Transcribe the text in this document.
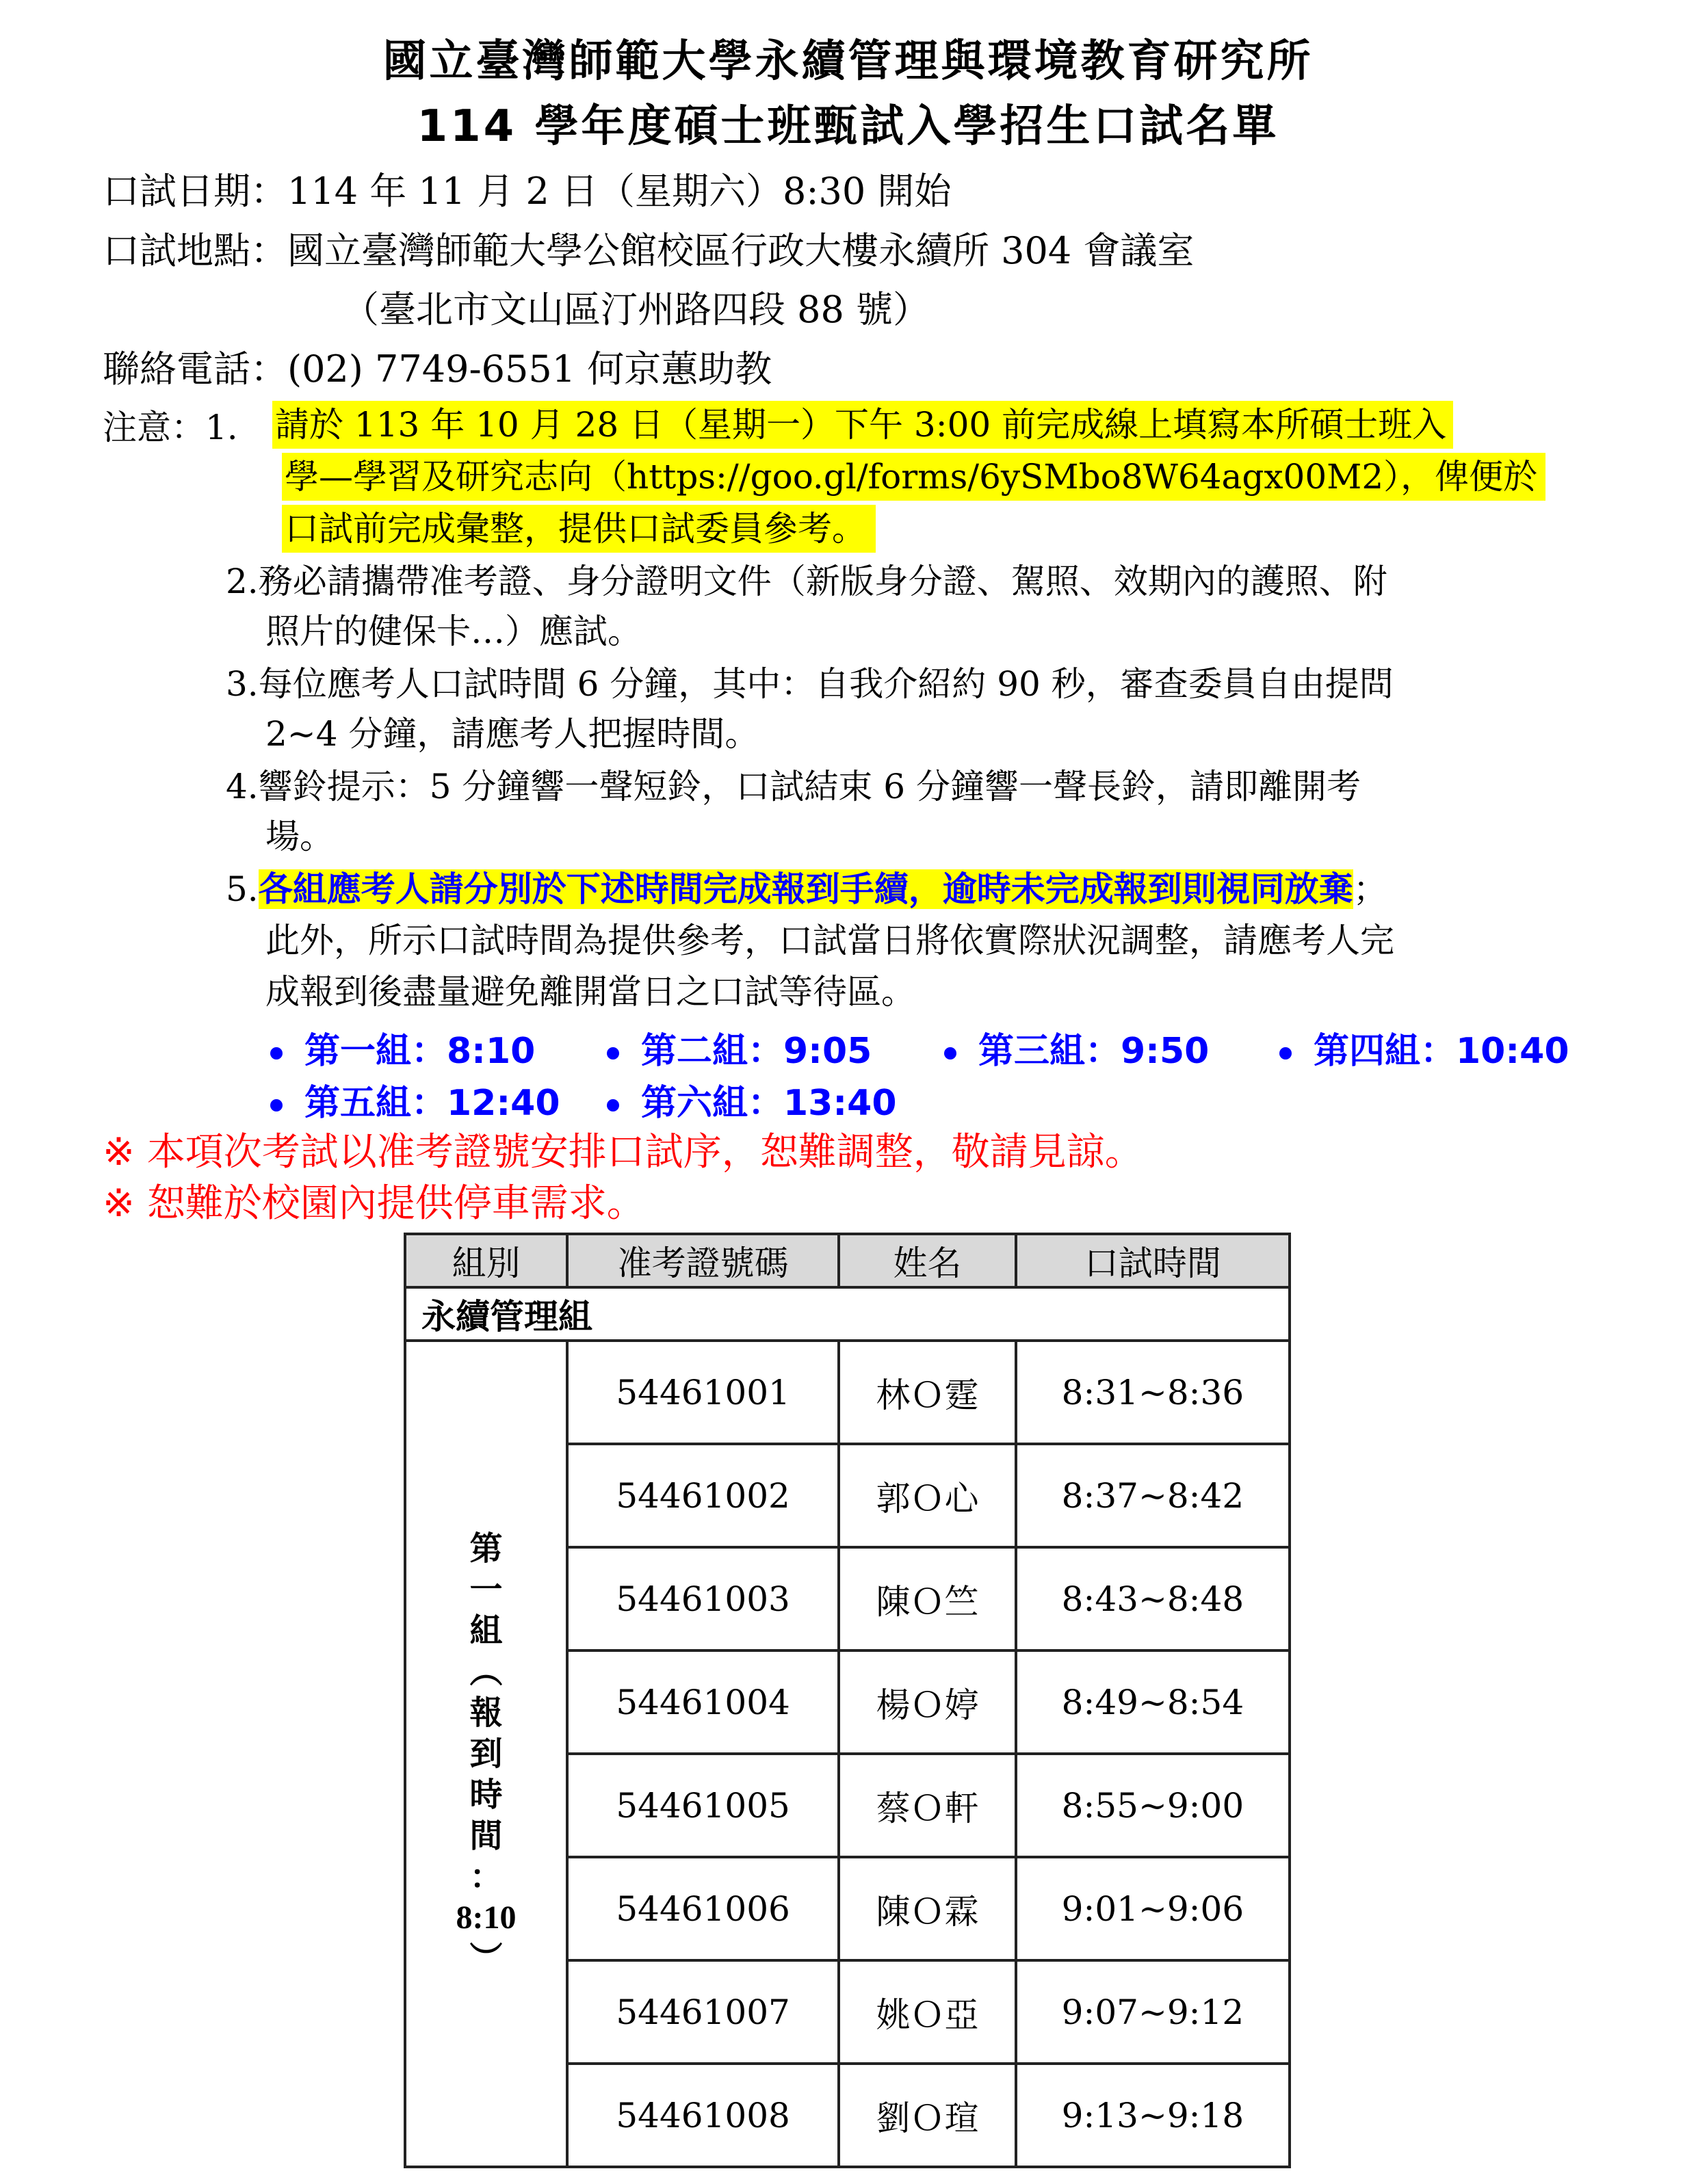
國立臺灣師範大學永續管理與環境教育研究所
114 學年度碩士班甄試入學招生口試名單
口試日期：114 年 11 月 2 日（星期六）8:30 開始
口試地點：國立臺灣師範大學公館校區行政大樓永續所 304 會議室
（臺北市文山區汀州路四段 88 號）
聯絡電話：(02) 7749-6551 何京蕙助教
注意：1. 請於 113 年 10 月 28 日（星期一）下午 3:00 前完成線上填寫本所碩士班入
學—學習及研究志向（https://goo.gl/forms/6ySMbo8W64agx00M2），俾便於
口試前完成彙整，提供口試委員參考。
2.務必請攜帶准考證、身分證明文件（新版身分證、駕照、效期內的護照、附
照片的健保卡…）應試。
3.每位應考人口試時間 6 分鐘，其中：自我介紹約 90 秒，審查委員自由提問
2~4 分鐘，請應考人把握時間。
4.響鈴提示：5 分鐘響一聲短鈴，口試結束 6 分鐘響一聲長鈴，請即離開考
場。
5.各組應考人請分別於下述時間完成報到手續，逾時未完成報到則視同放棄；
此外，所示口試時間為提供參考，口試當日將依實際狀況調整，請應考人完
成報到後盡量避免離開當日之口試等待區。
第一組：8:10	第二組：9:05	第三組：9:50	第四組：10:40
第五組：12:40	第六組：13:40
※ 本項次考試以准考證號安排口試序，恕難調整，敬請見諒。
※ 恕難於校園內提供停車需求。
組別	准考證號碼	姓名	口試時間
永續管理組			

第
一
組
︵
報
到
時
間
：
8:10
︶
	54461001	林Ｏ霆	8:31~8:36
	54461002	郭Ｏ心	8:37~8:42
	54461003	陳Ｏ竺	8:43~8:48
	54461004	楊Ｏ婷	8:49~8:54
	54461005	蔡Ｏ軒	8:55~9:00
	54461006	陳Ｏ霖	9:01~9:06
	54461007	姚Ｏ亞	9:07~9:12
	54461008	劉Ｏ瑄	9:13~9:18
